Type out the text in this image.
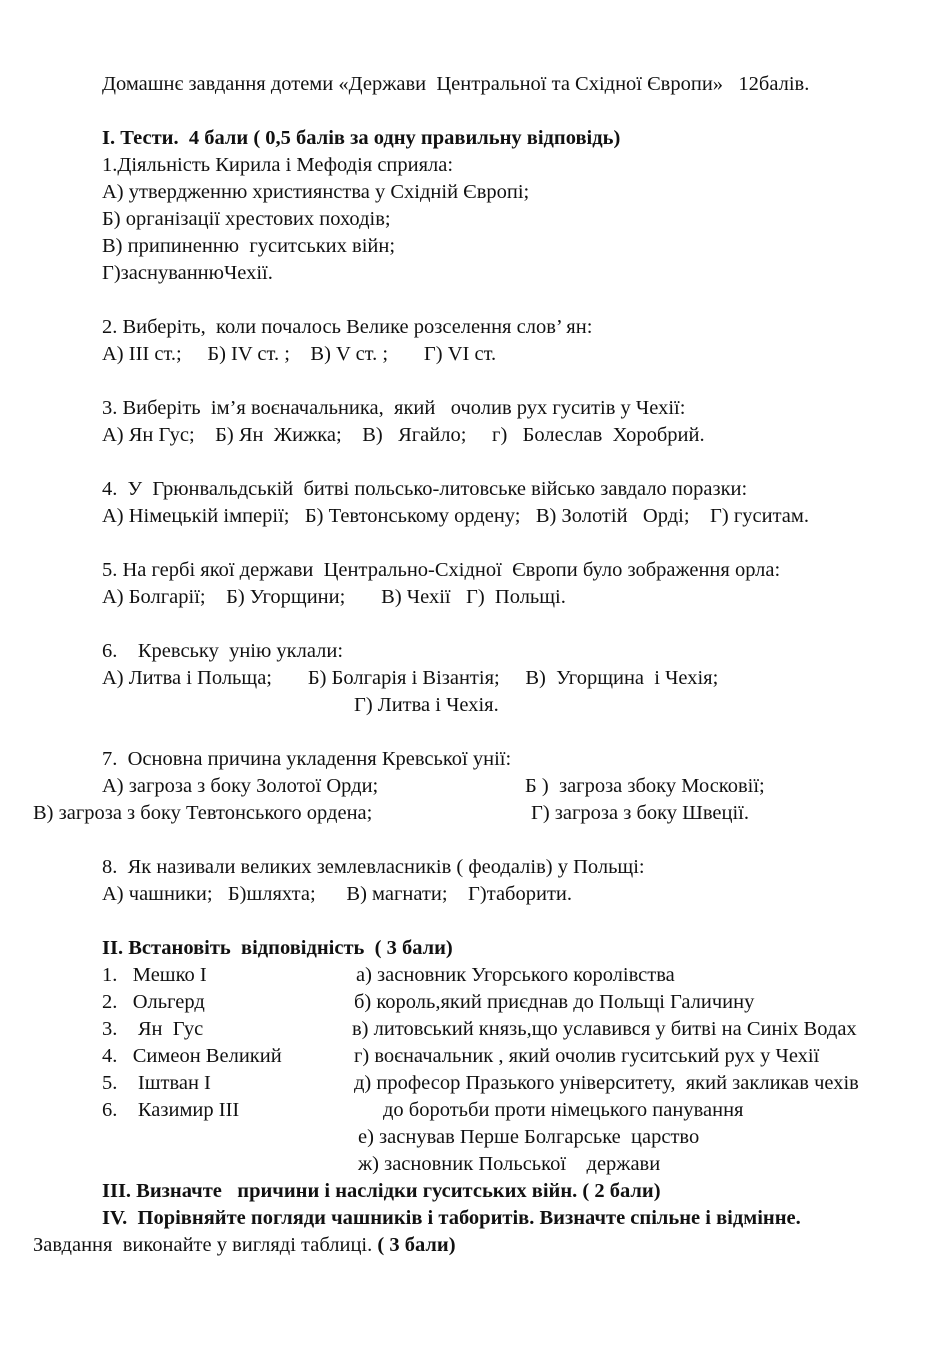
Домашнє завдання дотеми «Держави  Центральної та Східної Європи»   12балів.
І. Тести.  4 бали ( 0,5 балів за одну правильну відповідь)
1.Діяльність Кирила і Мефодія сприяла:
А) утвердженню християнства у Східній Європі;
Б) організації хрестових походів;
В) припиненню  гуситських війн;
Г)заснуваннюЧехії.
2. Виберіть,  коли почалось Велике розселення слов’ ян:
А) ІІІ ст.;     Б) ІV ст. ;    В) V ст. ;       Г) VІ ст.
3. Виберіть  ім’я воєначальника,  який   очолив рух гуситів у Чехії:
А) Ян Гус;    Б) Ян  Жижка;    В)   Ягайло;     г)   Болеслав  Хоробрий.
4.  У  Грюнвальдській  битві польсько-литовське військо завдало поразки:
А) Німецькій імперії;   Б) Тевтонському ордену;   В) Золотій   Орді;    Г) гуситам.
5. На гербі якої держави  Центрально-Східної  Європи було зображення орла:
А) Болгарії;    Б) Угорщини;       В) Чехії   Г)  Польщі.
6.    Кревську  унію уклали:
А) Литва і Польща;       Б) Болгарія і Візантія;     В)  Угорщина  і Чехія;
Г) Литва і Чехія.
7.  Основна причина укладення Кревської унії:
А) загроза з боку Золотої Орди;	Б )  загроза збоку Московії;
В) загроза з боку Тевтонського ордена;	Г) загроза з боку Швеції.
8.  Як називали великих землевласників ( феодалів) у Польщі:
А) чашники;   Б)шляхта;      В) магнати;    Г)таборити.
ІІ. Встановіть  відповідність  ( 3 бали)
1.   Мешко І
2.   Ольгерд
3.    Ян  Гус
4.   Симеон Великий
5.    Іштван І
6.    Казимир ІІІ
а) засновник Угорського королівства
б) король,який приєднав до Польщі Галичину
в) литовський князь,що уславився у битві на Синіх Водах
г) воєначальник , який очолив гуситський рух у Чехії
д) професор Празького університету,  який закликав чехів
до боротьби проти німецького панування
е) заснував Перше Болгарське  царство
ж) засновник Польської    держави
ІІІ. Визначте   причини і наслідки гуситських війн. ( 2 бали)
ІV.  Порівняйте погляди чашників і таборитів. Визначте спільне і відмінне.
Завдання  виконайте у вигляді таблиці. ( 3 бали)
